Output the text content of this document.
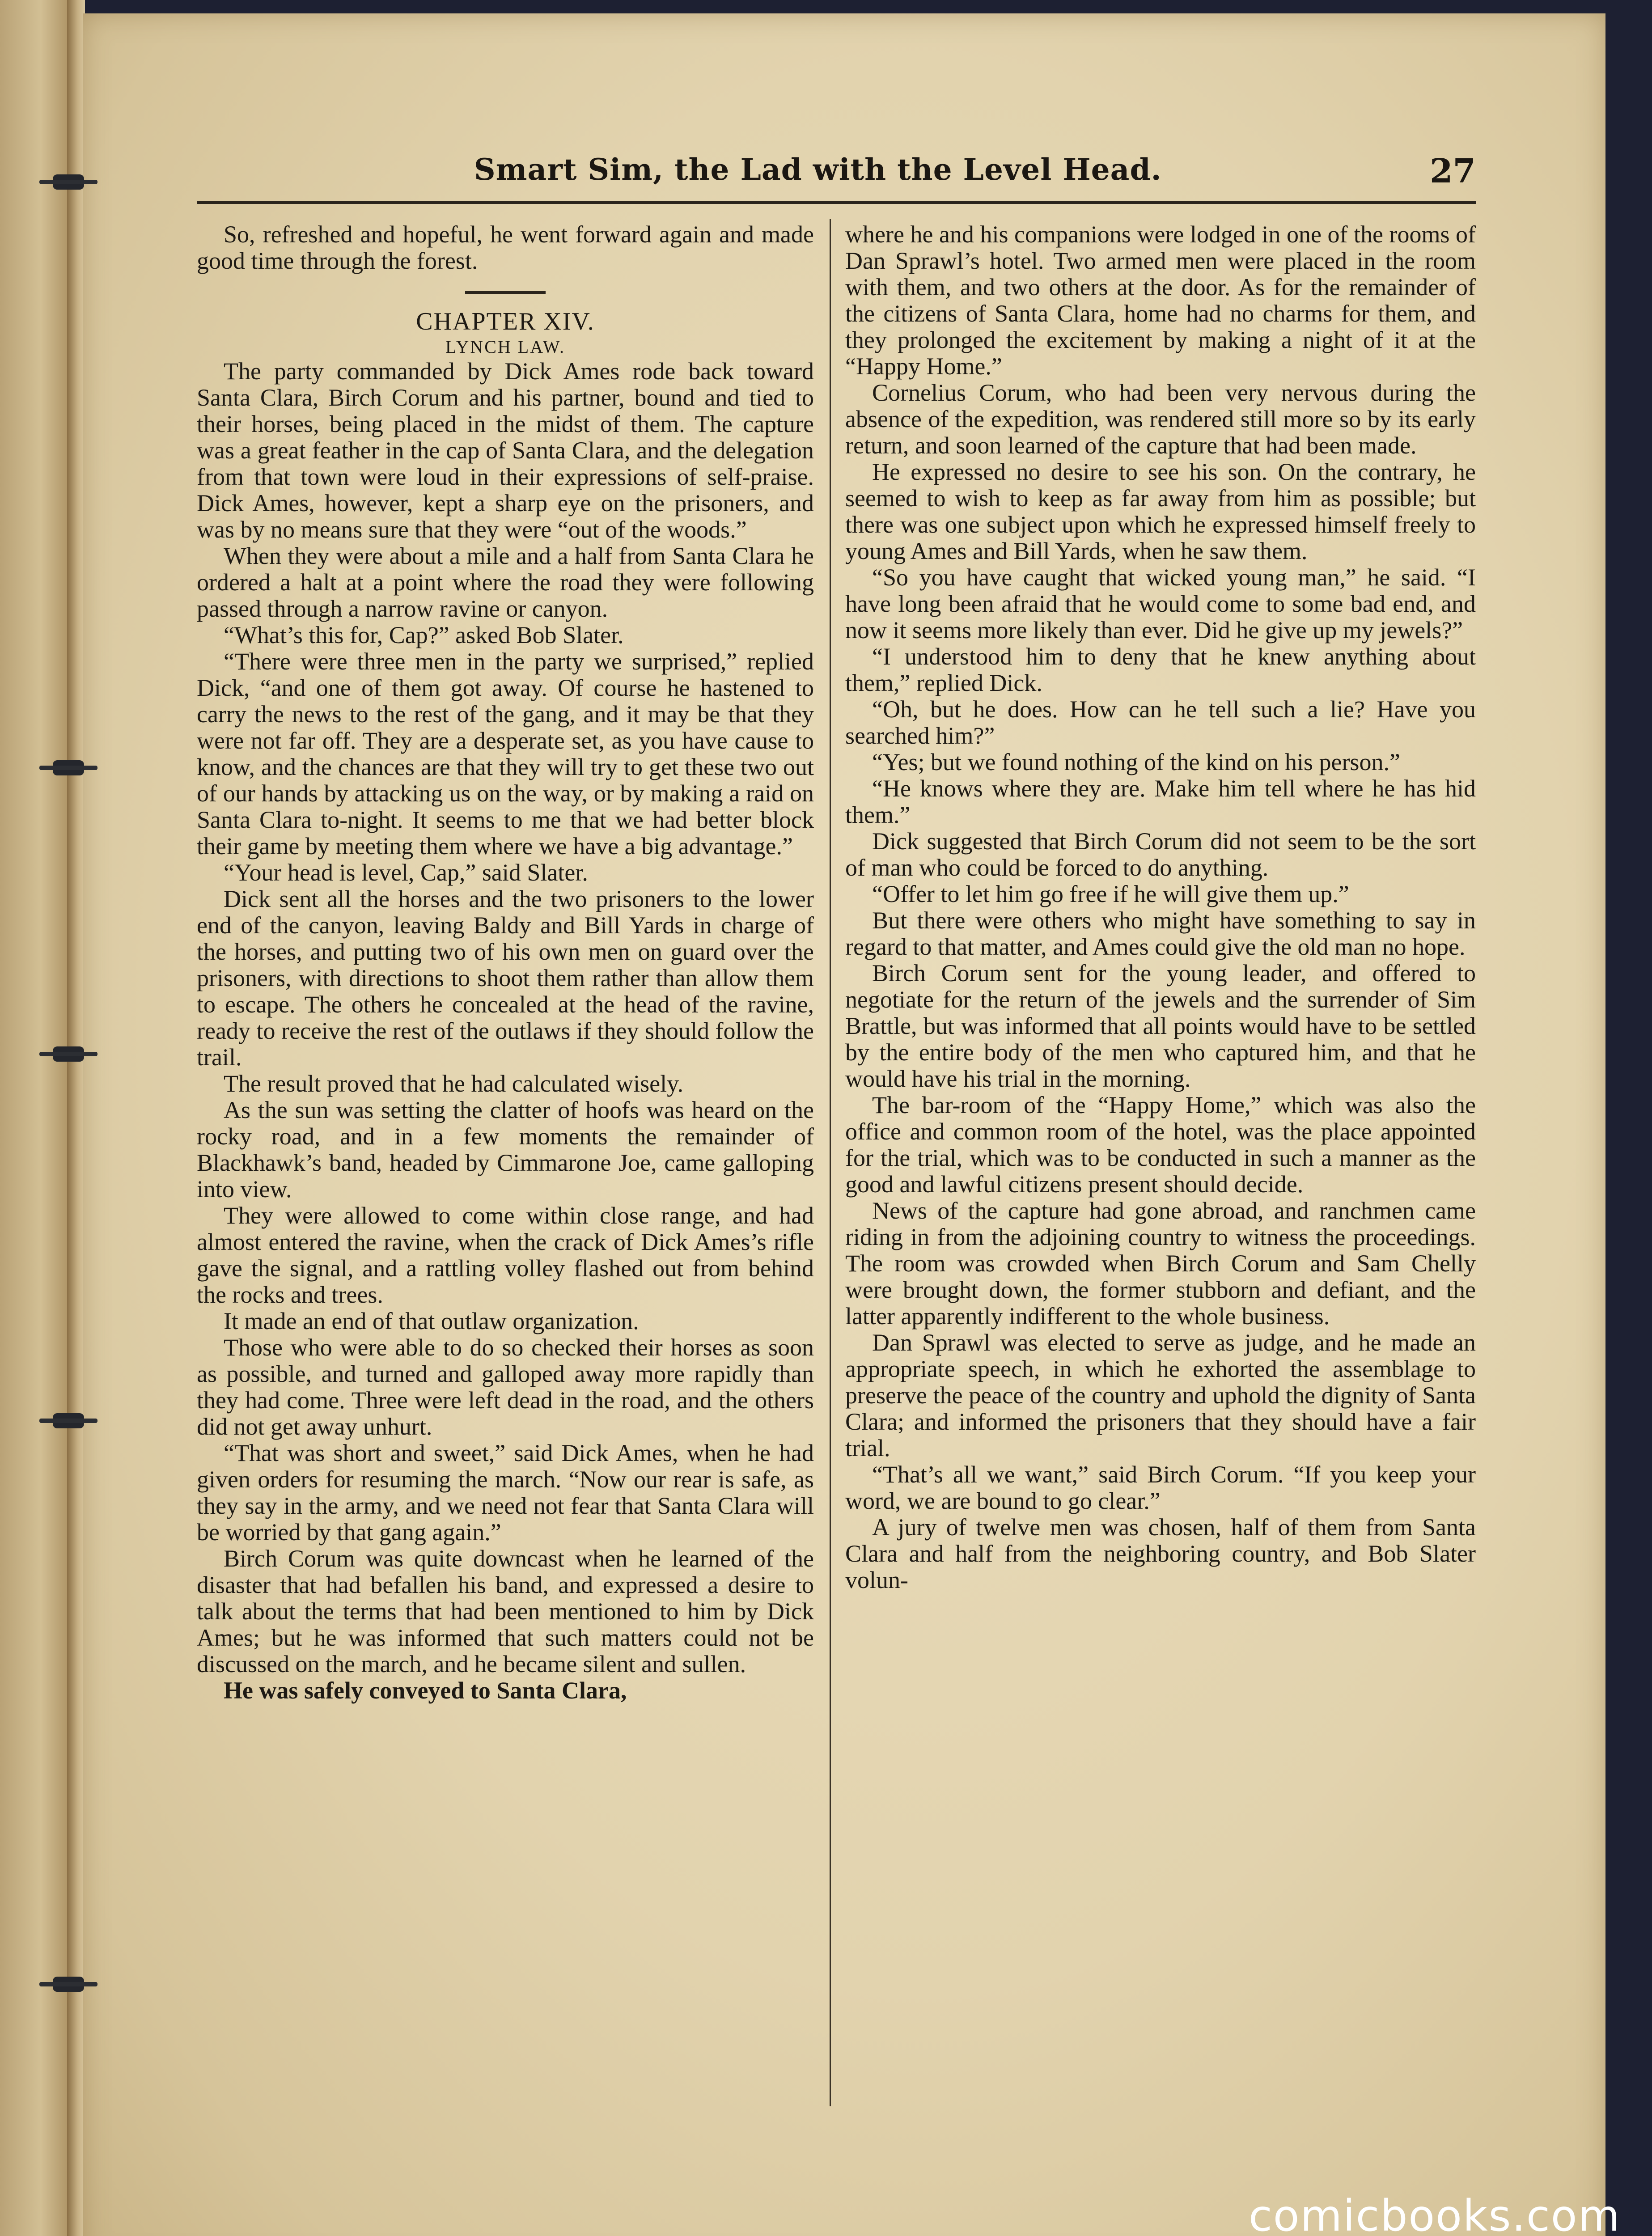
Smart Sim, the Lad with the Level Head.	27

So, refreshed and hopeful, he went forward again and made good time through the forest.

CHAPTER XIV.

LYNCH LAW.

The party commanded by Dick Ames rode back toward Santa Clara, Birch Corum and his partner, bound and tied to their horses, being placed in the midst of them. The capture was a great feather in the cap of Santa Clara, and the delegation from that town were loud in their expressions of self-praise. Dick Ames, however, kept a sharp eye on the prisoners, and was by no means sure that they were “out of the woods.”

When they were about a mile and a half from Santa Clara he ordered a halt at a point where the road they were following passed through a narrow ravine or canyon.

“What’s this for, Cap?” asked Bob Slater.

“There were three men in the party we surprised,” replied Dick, “and one of them got away. Of course he hastened to carry the news to the rest of the gang, and it may be that they were not far off. They are a desperate set, as you have cause to know, and the chances are that they will try to get these two out of our hands by attacking us on the way, or by making a raid on Santa Clara to-night. It seems to me that we had better block their game by meeting them where we have a big advantage.”

“Your head is level, Cap,” said Slater.

Dick sent all the horses and the two prisoners to the lower end of the canyon, leaving Baldy and Bill Yards in charge of the horses, and putting two of his own men on guard over the prisoners, with directions to shoot them rather than allow them to escape. The others he concealed at the head of the ravine, ready to receive the rest of the outlaws if they should follow the trail.

The result proved that he had calculated wisely.

As the sun was setting the clatter of hoofs was heard on the rocky road, and in a few moments the remainder of Blackhawk’s band, headed by Cimmarone Joe, came galloping into view.

They were allowed to come within close range, and had almost entered the ravine, when the crack of Dick Ames’s rifle gave the signal, and a rattling volley flashed out from behind the rocks and trees.

It made an end of that outlaw organization.

Those who were able to do so checked their horses as soon as possible, and turned and galloped away more rapidly than they had come. Three were left dead in the road, and the others did not get away unhurt.

“That was short and sweet,” said Dick Ames, when he had given orders for resuming the march. “Now our rear is safe, as they say in the army, and we need not fear that Santa Clara will be worried by that gang again.”

Birch Corum was quite downcast when he learned of the disaster that had befallen his band, and expressed a desire to talk about the terms that had been mentioned to him by Dick Ames; but he was informed that such matters could not be discussed on the march, and he became silent and sullen.

He was safely conveyed to Santa Clara,

where he and his companions were lodged in one of the rooms of Dan Sprawl’s hotel. Two armed men were placed in the room with them, and two others at the door. As for the remainder of the citizens of Santa Clara, home had no charms for them, and they prolonged the excitement by making a night of it at the “Happy Home.”

Cornelius Corum, who had been very nervous during the absence of the expedition, was rendered still more so by its early return, and soon learned of the capture that had been made.

He expressed no desire to see his son. On the contrary, he seemed to wish to keep as far away from him as possible; but there was one subject upon which he expressed himself freely to young Ames and Bill Yards, when he saw them.

“So you have caught that wicked young man,” he said. “I have long been afraid that he would come to some bad end, and now it seems more likely than ever. Did he give up my jewels?”

“I understood him to deny that he knew anything about them,” replied Dick.

“Oh, but he does. How can he tell such a lie? Have you searched him?”

“Yes; but we found nothing of the kind on his person.”

“He knows where they are. Make him tell where he has hid them.”

Dick suggested that Birch Corum did not seem to be the sort of man who could be forced to do anything.

“Offer to let him go free if he will give them up.”

But there were others who might have something to say in regard to that matter, and Ames could give the old man no hope.

Birch Corum sent for the young leader, and offered to negotiate for the return of the jewels and the surrender of Sim Brattle, but was informed that all points would have to be settled by the entire body of the men who captured him, and that he would have his trial in the morning.

The bar-room of the “Happy Home,” which was also the office and common room of the hotel, was the place appointed for the trial, which was to be conducted in such a manner as the good and lawful citizens present should decide.

News of the capture had gone abroad, and ranchmen came riding in from the adjoining country to witness the proceedings. The room was crowded when Birch Corum and Sam Chelly were brought down, the former stubborn and defiant, and the latter apparently indifferent to the whole business.

Dan Sprawl was elected to serve as judge, and he made an appropriate speech, in which he exhorted the assemblage to preserve the peace of the country and uphold the dignity of Santa Clara; and informed the prisoners that they should have a fair trial.

“That’s all we want,” said Birch Corum. “If you keep your word, we are bound to go clear.”

A jury of twelve men was chosen, half of them from Santa Clara and half from the neighboring country, and Bob Slater volun-

comicbooks.com
